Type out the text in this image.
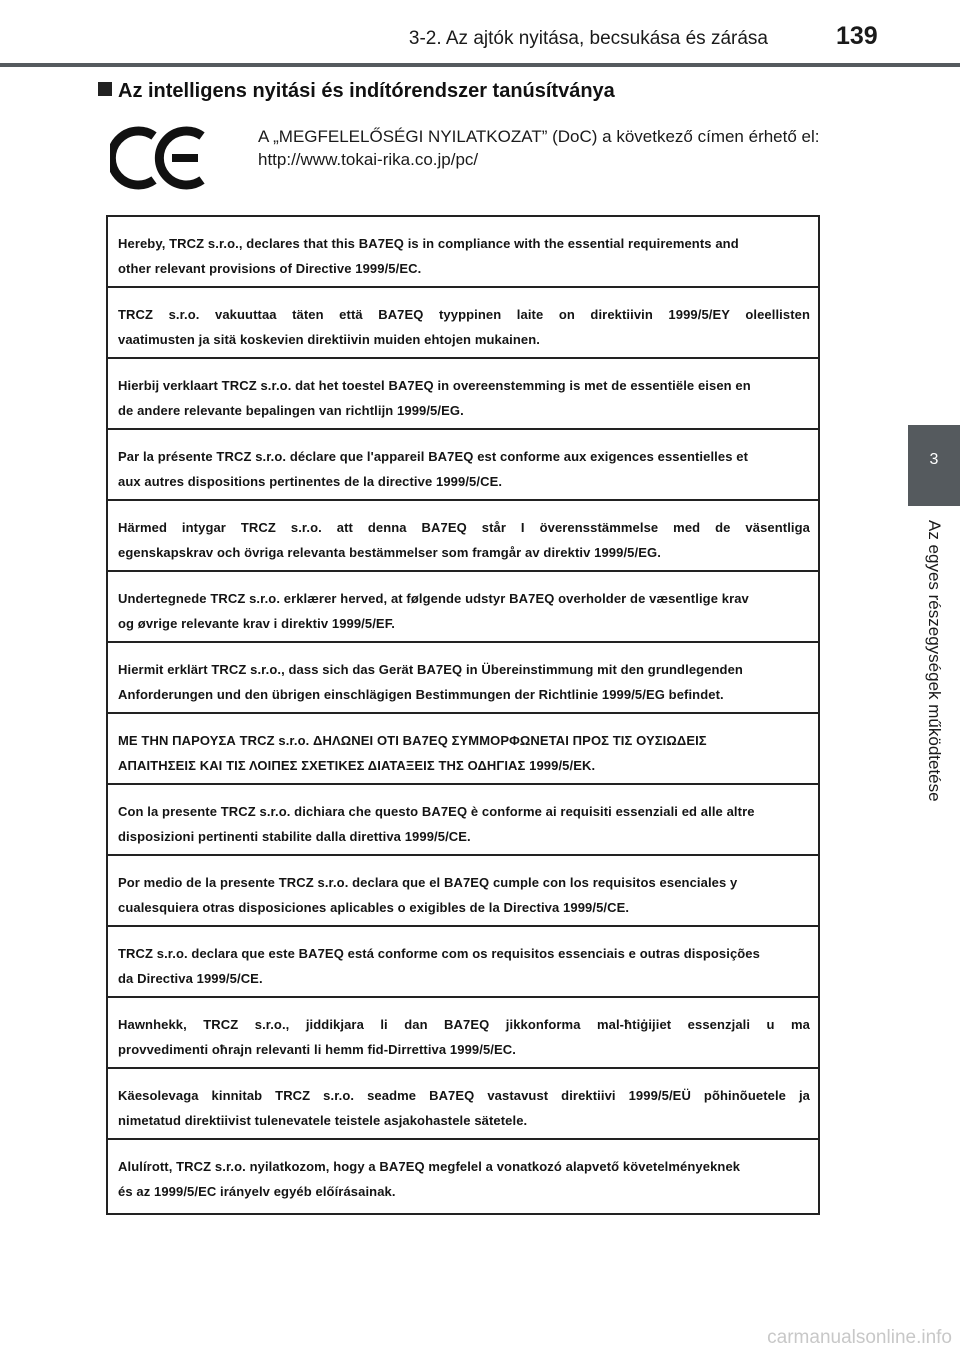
3-2. Az ajtók nyitása, becsukása és zárása	139
Az intelligens nyitási és indítórendszer tanúsítványa
A „MEGFELELŐSÉGI NYILATKOZAT” (DoC) a következő címen érhető el:
http://www.tokai-rika.co.jp/pc/
Hereby, TRCZ s.r.o., declares that this BA7EQ is in compliance with the essential requirements and
other relevant provisions of Directive 1999/5/EC.
TRCZ s.r.o. vakuuttaa täten että BA7EQ tyyppinen laite on direktiivin 1999/5/EY oleellisten
vaatimusten ja sitä koskevien direktiivin muiden ehtojen mukainen.
Hierbij verklaart TRCZ s.r.o. dat het toestel BA7EQ in overeenstemming is met de essentiële eisen en
de andere relevante bepalingen van richtlijn 1999/5/EG.
Par la présente TRCZ s.r.o. déclare que l'appareil BA7EQ est conforme aux exigences essentielles et
aux autres dispositions pertinentes de la directive 1999/5/CE.
Härmed intygar TRCZ s.r.o. att denna BA7EQ står I överensstämmelse med de väsentliga
egenskapskrav och övriga relevanta bestämmelser som framgår av direktiv 1999/5/EG.
Undertegnede TRCZ s.r.o. erklærer herved, at følgende udstyr BA7EQ overholder de væsentlige krav
og øvrige relevante krav i direktiv 1999/5/EF.
Hiermit erklärt TRCZ s.r.o., dass sich das Gerät BA7EQ in Übereinstimmung mit den grundlegenden
Anforderungen und den übrigen einschlägigen Bestimmungen der Richtlinie 1999/5/EG befindet.
ΜΕ ΤΗΝ ΠΑΡΟΥΣΑ TRCZ s.r.o. ΔΗΛΩΝΕΙ ΟΤΙ BA7EQ ΣΥΜΜΟΡΦΩΝΕΤΑΙ ΠΡΟΣ ΤΙΣ ΟΥΣΙΩΔΕΙΣ
ΑΠΑΙΤΗΣΕΙΣ ΚΑΙ ΤΙΣ ΛΟΙΠΕΣ ΣΧΕΤΙΚΕΣ ΔΙΑΤΑΞΕΙΣ ΤΗΣ ΟΔΗΓΙΑΣ 1999/5/ΕΚ.
Con la presente TRCZ s.r.o. dichiara che questo BA7EQ è conforme ai requisiti essenziali ed alle altre
disposizioni pertinenti stabilite dalla direttiva 1999/5/CE.
Por medio de la presente TRCZ s.r.o. declara que el BA7EQ cumple con los requisitos esenciales y
cualesquiera otras disposiciones aplicables o exigibles de la Directiva 1999/5/CE.
TRCZ s.r.o. declara que este BA7EQ está conforme com os requisitos essenciais e outras disposições
da Directiva 1999/5/CE.
Hawnhekk, TRCZ s.r.o., jiddikjara li dan BA7EQ jikkonforma mal-ħtiġijiet essenzjali u ma
provvedimenti oħrajn relevanti li hemm fid-Dirrettiva 1999/5/EC.
Käesolevaga kinnitab TRCZ s.r.o. seadme BA7EQ vastavust direktiivi 1999/5/EÜ põhinõuetele ja
nimetatud direktiivist tulenevatele teistele asjakohastele sätetele.
Alulírott, TRCZ s.r.o. nyilatkozom, hogy a BA7EQ megfelel a vonatkozó alapvető követelményeknek
és az 1999/5/EC irányelv egyéb előírásainak.
3
Az egyes részegységek működtetése
carmanualsonline.info
